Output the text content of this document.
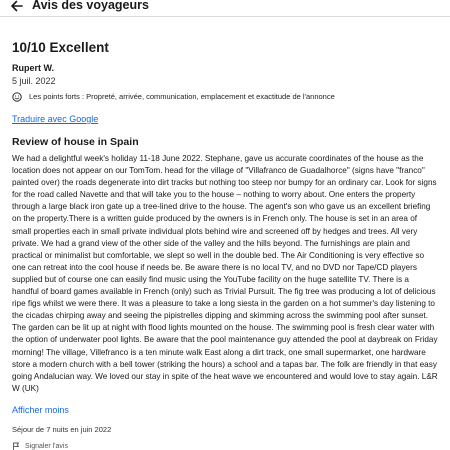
Avis des voyageurs
10/10 Excellent
Rupert W.
5 juil. 2022
Les points forts : Propreté, arrivée, communication, emplacement et exactitude de l'annonce
Traduire avec Google
Review of house in Spain
We had a delightful week's holiday 11-18 June 2022. Stephane, gave us accurate coordinates of the house as the location does not appear on our TomTom. head for the village of "Villafranco de Guadalhorce" (signs have "franco" painted over) the roads degenerate into dirt tracks but nothing too steep nor bumpy for an ordinary car. Look for signs for the road called Navette and that will take you to the house – nothing to worry about. One enters the property through a large black iron gate up a tree-lined drive to the house. The agent's son who gave us an excellent briefing on the property.There is a written guide produced by the owners is in French only. The house is set in an area of small properties each in small private individual plots behind wire and screened off by hedges and trees. All very private. We had a grand view of the other side of the valley and the hills beyond. The furnishings are plain and practical or minimalist but comfortable, we slept so well in the double bed. The Air Conditioning is very effective so one can retreat into the cool house if needs be. Be aware there is no local TV, and no DVD nor Tape/CD players supplied but of course one can easily find music using the YouTube facility on the huge satellite TV. There is a handful of board games available in French (only) such as Trivial Pursuit. The fig tree was producing a lot of delicious ripe figs whilst we were there. It was a pleasure to take a long siesta in the garden on a hot summer's day listening to the cicadas chirping away and seeing the pipistrelles dipping and skimming across the swimming pool after sunset. The garden can be lit up at night with flood lights mounted on the house. The swimming pool is fresh clear water with the option of underwater pool lights. Be aware that the pool maintenance guy attended the pool at daybreak on Friday morning! The village, Villefranco is a ten minute walk East along a dirt track, one small supermarket, one hardware store a modern church with a bell tower (striking the hours) a school and a tapas bar. The folk are friendly in that easy going Andalucian way. We loved our stay in spite of the heat wave we encountered and would love to stay again. L&R W (UK)
Afficher moins
Séjour de 7 nuits en juin 2022
Signaler l'avis
